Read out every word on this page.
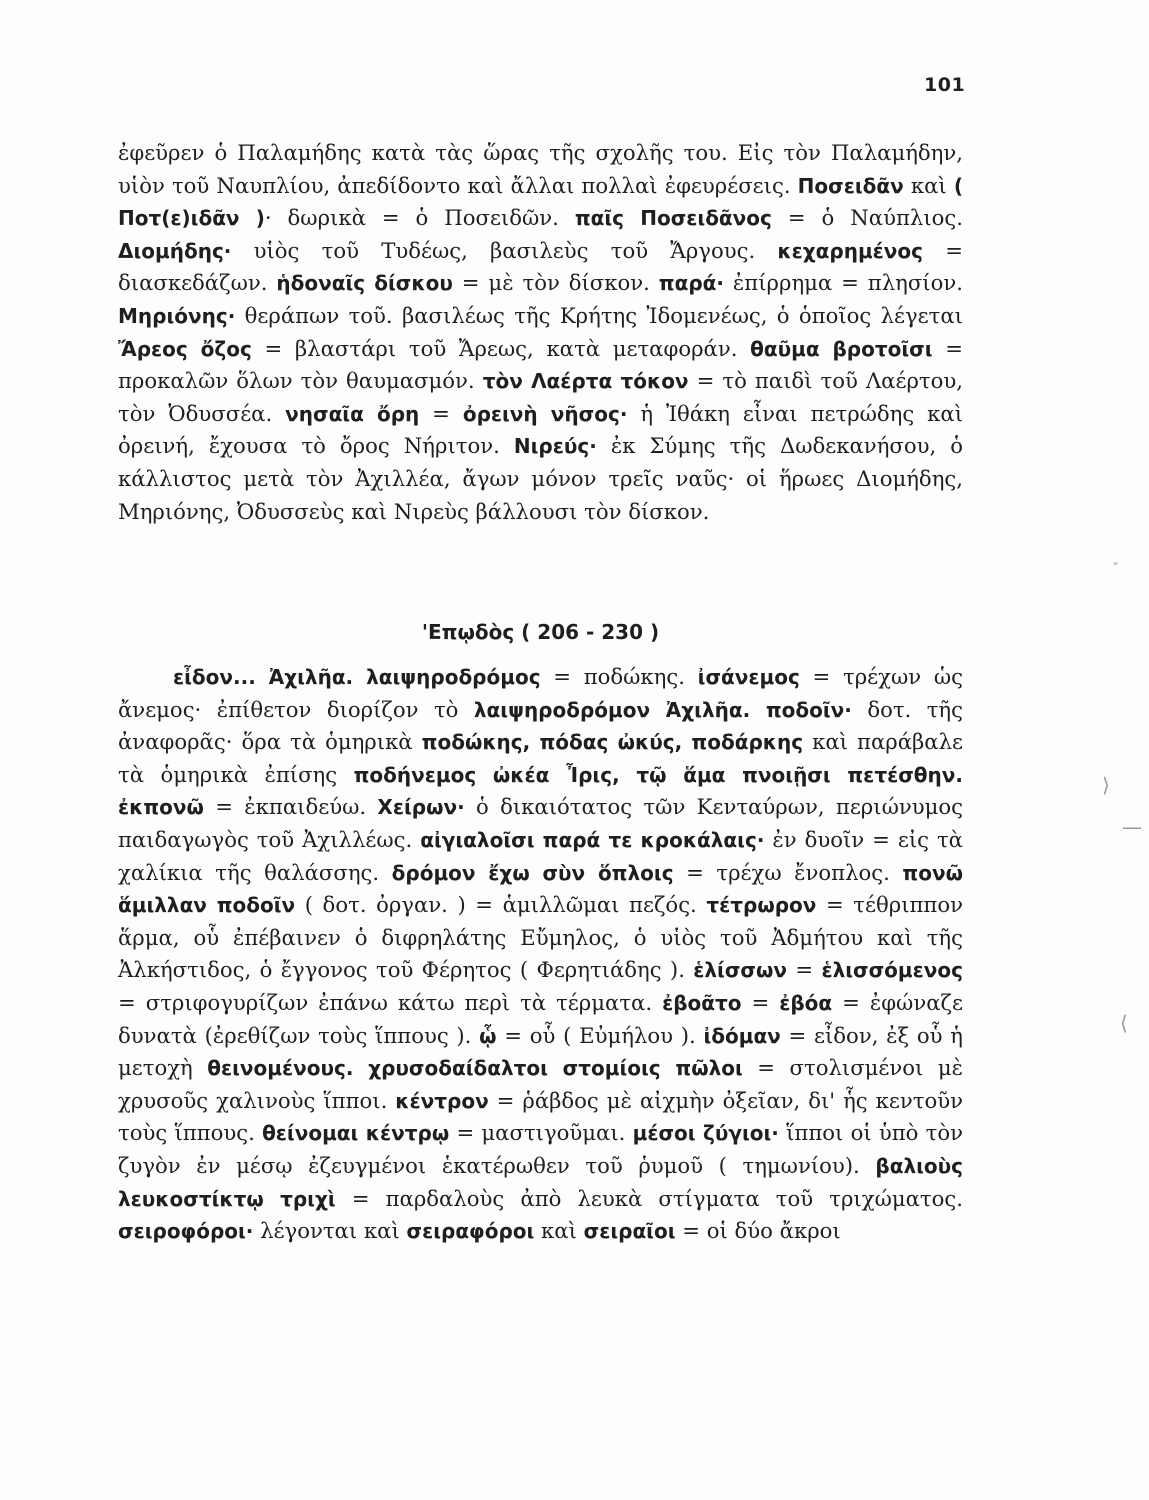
101

ἐφεῦρεν ὁ Παλαμήδης κατὰ τὰς ὥρας τῆς σχολῆς του. Εἰς τὸν Παλαμήδην, υἱὸν τοῦ Ναυπλίου, ἀπεδίδοντο καὶ ἄλλαι πολλαὶ ἐφευρέσεις. Ποσειδᾶν καὶ ( Ποτ(ε)ιδᾶν )· δωρικὰ = ὁ Ποσειδῶν. παῖς Ποσειδᾶνος = ὁ Ναύπλιος. Διομήδης· υἱὸς τοῦ Τυδέως, βασιλεὺς τοῦ Ἄργους. κεχαρημένος = διασκεδάζων. ἡδοναῖς δίσκου = μὲ τὸν δίσκον. παρά· ἐπίρρημα = πλησίον. Μηριόνης· θεράπων τοῦ. βασιλέως τῆς Κρήτης Ἰδομενέως, ὁ ὁποῖος λέγεται Ἄρεος ὄζος = βλαστάρι τοῦ Ἄρεως, κατὰ μεταφοράν. θαῦμα βροτοῖσι = προκαλῶν ὅλων τὸν θαυμασμόν. τὸν Λαέρτα τόκον = τὸ παιδὶ τοῦ Λαέρτου, τὸν Ὀδυσσέα. νησαῖα ὄρη = ὀρεινὴ νῆσος· ἡ Ἰθάκη εἶναι πετρώδης καὶ ὀρεινή, ἔχουσα τὸ ὄρος Νήριτον. Νιρεύς· ἐκ Σύμης τῆς Δωδεκανήσου, ὁ κάλλιστος μετὰ τὸν Ἀχιλλέα, ἄγων μόνον τρεῖς ναῦς· οἱ ἥρωες Διομήδης, Μηριόνης, Ὀδυσσεὺς καὶ Νιρεὺς βάλλουσι τὸν δίσκον.

'Επῳδὸς ( 206 - 230 )

εἶδον... Ἀχιλῆα. λαιψηροδρόμος = ποδώκης. ἰσάνεμος = τρέχων ὡς ἄνεμος· ἐπίθετον διορίζον τὸ λαιψηροδρόμον Ἀχιλῆα. ποδοῖν· δοτ. τῆς ἀναφορᾶς· ὅρα τὰ ὁμηρικὰ ποδώκης, πόδας ὠκύς, ποδάρκης καὶ παράβαλε τὰ ὁμηρικὰ ἐπίσης ποδήνεμος ὠκέα Ἶρις, τῷ ἅμα πνοιῇσι πετέσθην. ἐκπονῶ = ἐκπαιδεύω. Χείρων· ὁ δικαιότατος τῶν Κενταύρων, περιώνυμος παιδαγωγὸς τοῦ Ἀχιλλέως. αἰγιαλοῖσι παρά τε κροκάλαις· ἐν δυοῖν = εἰς τὰ χαλίκια τῆς θαλάσσης. δρόμον ἔχω σὺν ὅπλοις = τρέχω ἔνοπλος. πονῶ ἅμιλλαν ποδοῖν ( δοτ. ὀργαν. ) = ἁμιλλῶμαι πεζός. τέτρωρον = τέθριππον ἅρμα, οὗ ἐπέβαινεν ὁ διφρηλάτης Εὔμηλος, ὁ υἱὸς τοῦ Ἀδμήτου καὶ τῆς Ἀλκήστιδος, ὁ ἔγγονος τοῦ Φέρητος ( Φερητιάδης ). ἑλίσσων = ἑλισσόμενος = στριφογυρίζων ἐπάνω κάτω περὶ τὰ τέρματα. ἐβοᾶτο = ἐβόα = ἐφώναζε δυνατὰ (ἐρεθίζων τοὺς ἵππους ). ᾧ = οὗ ( Εὐμήλου ). ἰδόμαν = εἶδον, ἐξ οὗ ἡ μετοχὴ θεινομένους. χρυσοδαίδαλτοι στομίοις πῶλοι = στολισμένοι μὲ χρυσοῦς χαλινοὺς ἵπποι. κέντρον = ῥάβδος μὲ αἰχμὴν ὀξεῖαν, δι' ἧς κεντοῦν τοὺς ἵππους. θείνομαι κέντρῳ = μαστιγοῦμαι. μέσοι ζύγιοι· ἵπποι οἱ ὑπὸ τὸν ζυγὸν ἐν μέσῳ ἐζευγμένοι ἑκατέρωθεν τοῦ ῥυμοῦ ( τημωνίου). βαλιοὺς λευκοστίκτῳ τριχὶ = παρδαλοὺς ἀπὸ λευκὰ στίγματα τοῦ τριχώματος. σειροφόροι· λέγονται καὶ σειραφόροι καὶ σειραῖοι = οἱ δύο ἄκροι

⟩
—
⟨
ˇ
